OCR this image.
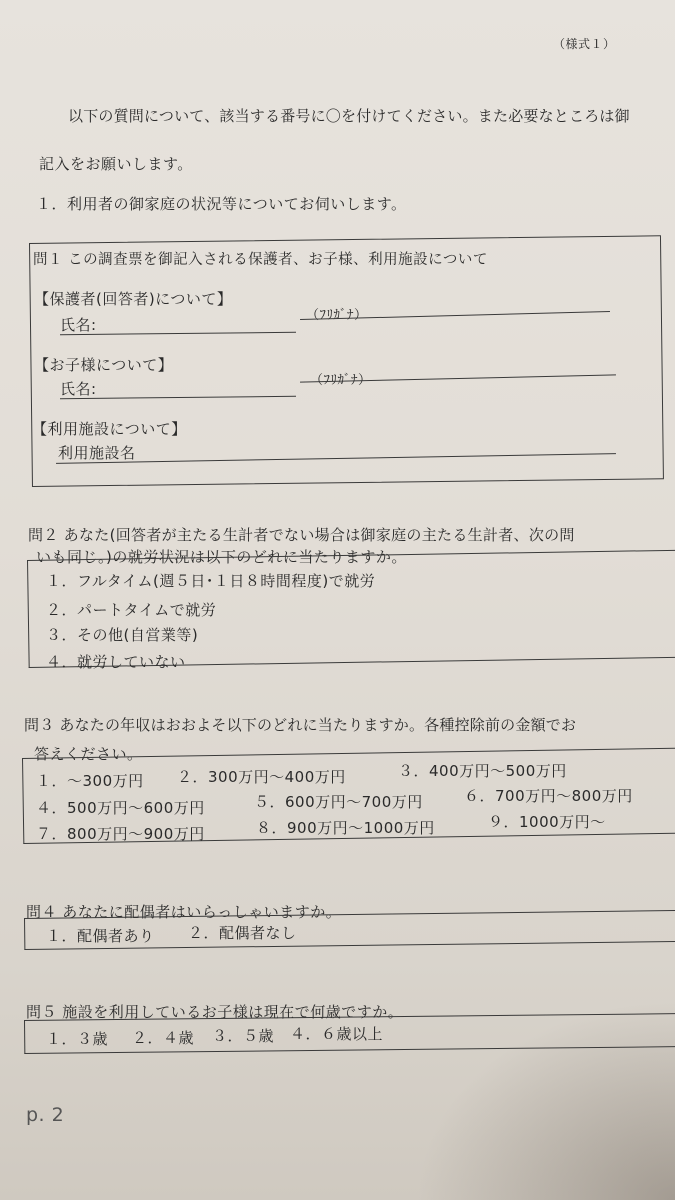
（様式１）
以下の質問について、該当する番号に〇を付けてください。また必要なところは御
記入をお願いします。
１．利用者の御家庭の状況等についてお伺いします。
問１ この調査票を御記入される保護者、お子様、利用施設について
【保護者(回答者)について】
氏名:
（ﾌﾘｶﾞﾅ）
【お子様について】
氏名:	（ﾌﾘｶﾞﾅ）
【利用施設について】
利用施設名
問２ あなた(回答者が主たる生計者でない場合は御家庭の主たる生計者、次の問
いも同じ。)の就労状況は以下のどれに当たりますか。
１．フルタイム(週５日･１日８時間程度)で就労
２．パートタイムで就労
３．その他(自営業等)
４．就労していない
問３ あなたの年収はおおよそ以下のどれに当たりますか。各種控除前の金額でお
答えください。
１．～300万円 ２．300万円～400万円	３．400万円～500万円
４．500万円～600万円	５．600万円～700万円	６．700万円～800万円
７．800万円～900万円	８．900万円～1000万円	９．1000万円～
問４ あなたに配偶者はいらっしゃいますか。
１．配偶者あり ２．配偶者なし
問５ 施設を利用しているお子様は現在で何歳ですか。
１．３歳 ２．４歳 ３．５歳 ４．６歳以上
p. 2
